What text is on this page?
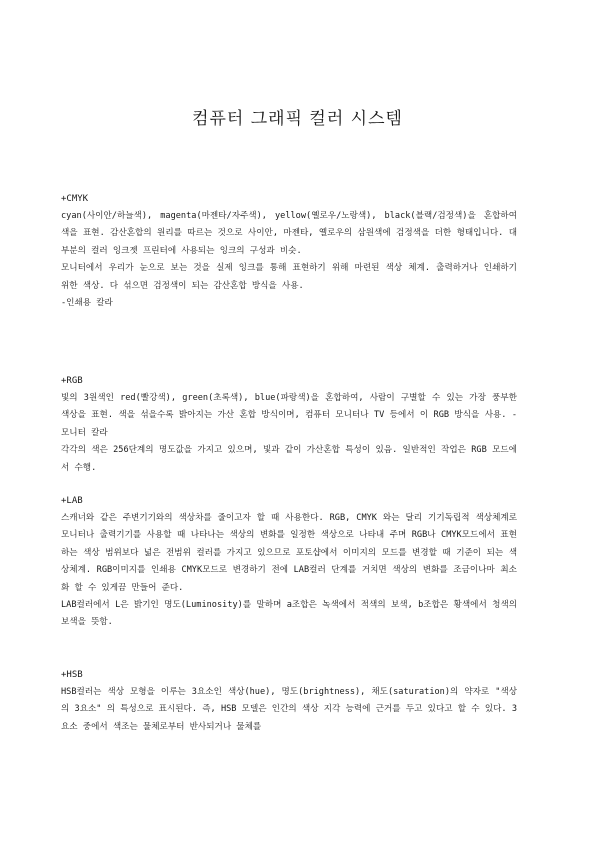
컴퓨터 그래픽 컬러 시스템
+CMYK
cyan(사이안/하늘색), magenta(마젠타/자주색), yellow(옐로우/노랑색), black(블랙/검정색)을 혼합하여 색을 표현. 감산혼합의 원리를 따르는 것으로 사이안, 마젠타, 옐로우의 삼원색에 검정색을 더한 형태입니다. 대부분의 컬러 잉크젯 프린터에 사용되는 잉크의 구성과 비슷.
모니터에서 우리가 눈으로 보는 것을 실제 잉크를 통해 표현하기 위해 마련된 색상 체계. 출력하거나 인쇄하기 위한 색상. 다 섞으면 검정색이 되는 감산혼합 방식을 사용.
-인쇄용 칼라
+RGB
빛의 3원색인 red(빨강색), green(초록색), blue(파랑색)을 혼합하여, 사람이 구별할 수 있는 가장 풍부한 색상을 표현. 색을 섞을수록 밝아지는 가산 혼합 방식이며, 컴퓨터 모니터나 TV 등에서 이 RGB 방식을 사용. -모니터 칼라
각각의 색은 256단계의 명도값을 가지고 있으며, 빛과 같이 가산혼합 특성이 있음. 일반적인 작업은 RGB 모드에서 수행.
+LAB
스캐너와 같은 주변기기와의 색상차를 줄이고자 할 때 사용한다. RGB, CMYK 와는 달리 기기독립적 색상체계로 모니터나 출력기기를 사용할 때 나타나는 색상의 변화를 일정한 색상으로 나타내 주며 RGB나 CMYK모드에서 표현하는 색상 범위보다 넓은 전범위 컬러를 가지고 있으므로 포토샵에서 이미지의 모드를 변경할 때 기준이 되는 색상체계. RGB이미지를 인쇄용 CMYK모드로 변경하기 전에 LAB컬러 단계를 거치면 색상의 변화를 조금이나마 최소화 할 수 있게끔 만들어 준다.
LAB컬러에서 L은 밝기인 명도(Luminosity)를 말하며 a조합은 녹색에서 적색의 보색, b조합은 황색에서 청색의 보색을 뜻함.
+HSB
HSB컬러는 색상 모형을 이루는 3요소인 색상(hue), 명도(brightness), 채도(saturation)의 약자로 "색상의 3요소" 의 특성으로 표시된다. 즉, HSB 모델은 인간의 색상 지각 능력에 근거를 두고 있다고 할 수 있다. 3요소 중에서 색조는 물체로부터 반사되거나 물체를
